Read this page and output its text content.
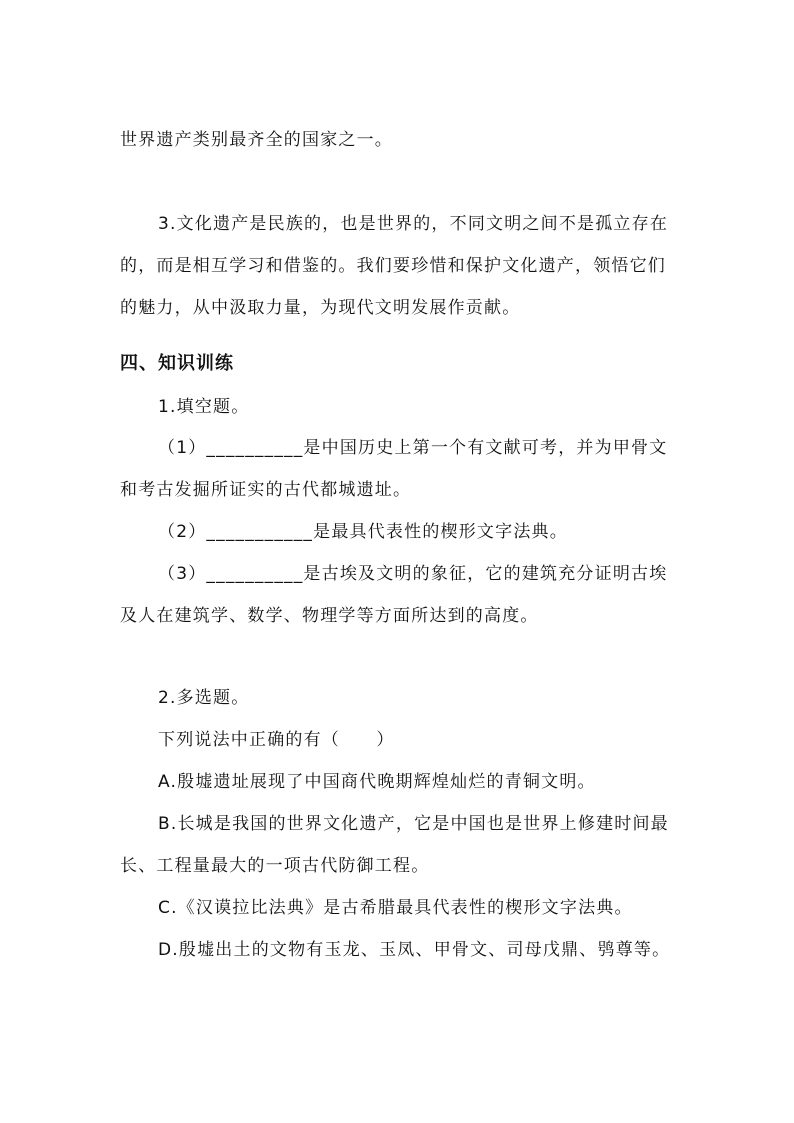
世界遗产类别最齐全的国家之一。
3.文化遗产是民族的，也是世界的，不同文明之间不是孤立存在
的，而是相互学习和借鉴的。我们要珍惜和保护文化遗产，领悟它们
的魅力，从中汲取力量，为现代文明发展作贡献。
四、知识训练
1.填空题。
（1）__________是中国历史上第一个有文献可考，并为甲骨文
和考古发掘所证实的古代都城遗址。
（2）___________是最具代表性的楔形文字法典。
（3）__________是古埃及文明的象征，它的建筑充分证明古埃
及人在建筑学、数学、物理学等方面所达到的高度。
2.多选题。
下列说法中正确的有（　　）
A.殷墟遗址展现了中国商代晚期辉煌灿烂的青铜文明。
B.长城是我国的世界文化遗产，它是中国也是世界上修建时间最
长、工程量最大的一项古代防御工程。
C.《汉谟拉比法典》是古希腊最具代表性的楔形文字法典。
D.殷墟出土的文物有玉龙、玉凤、甲骨文、司母戊鼎、鸮尊等。
